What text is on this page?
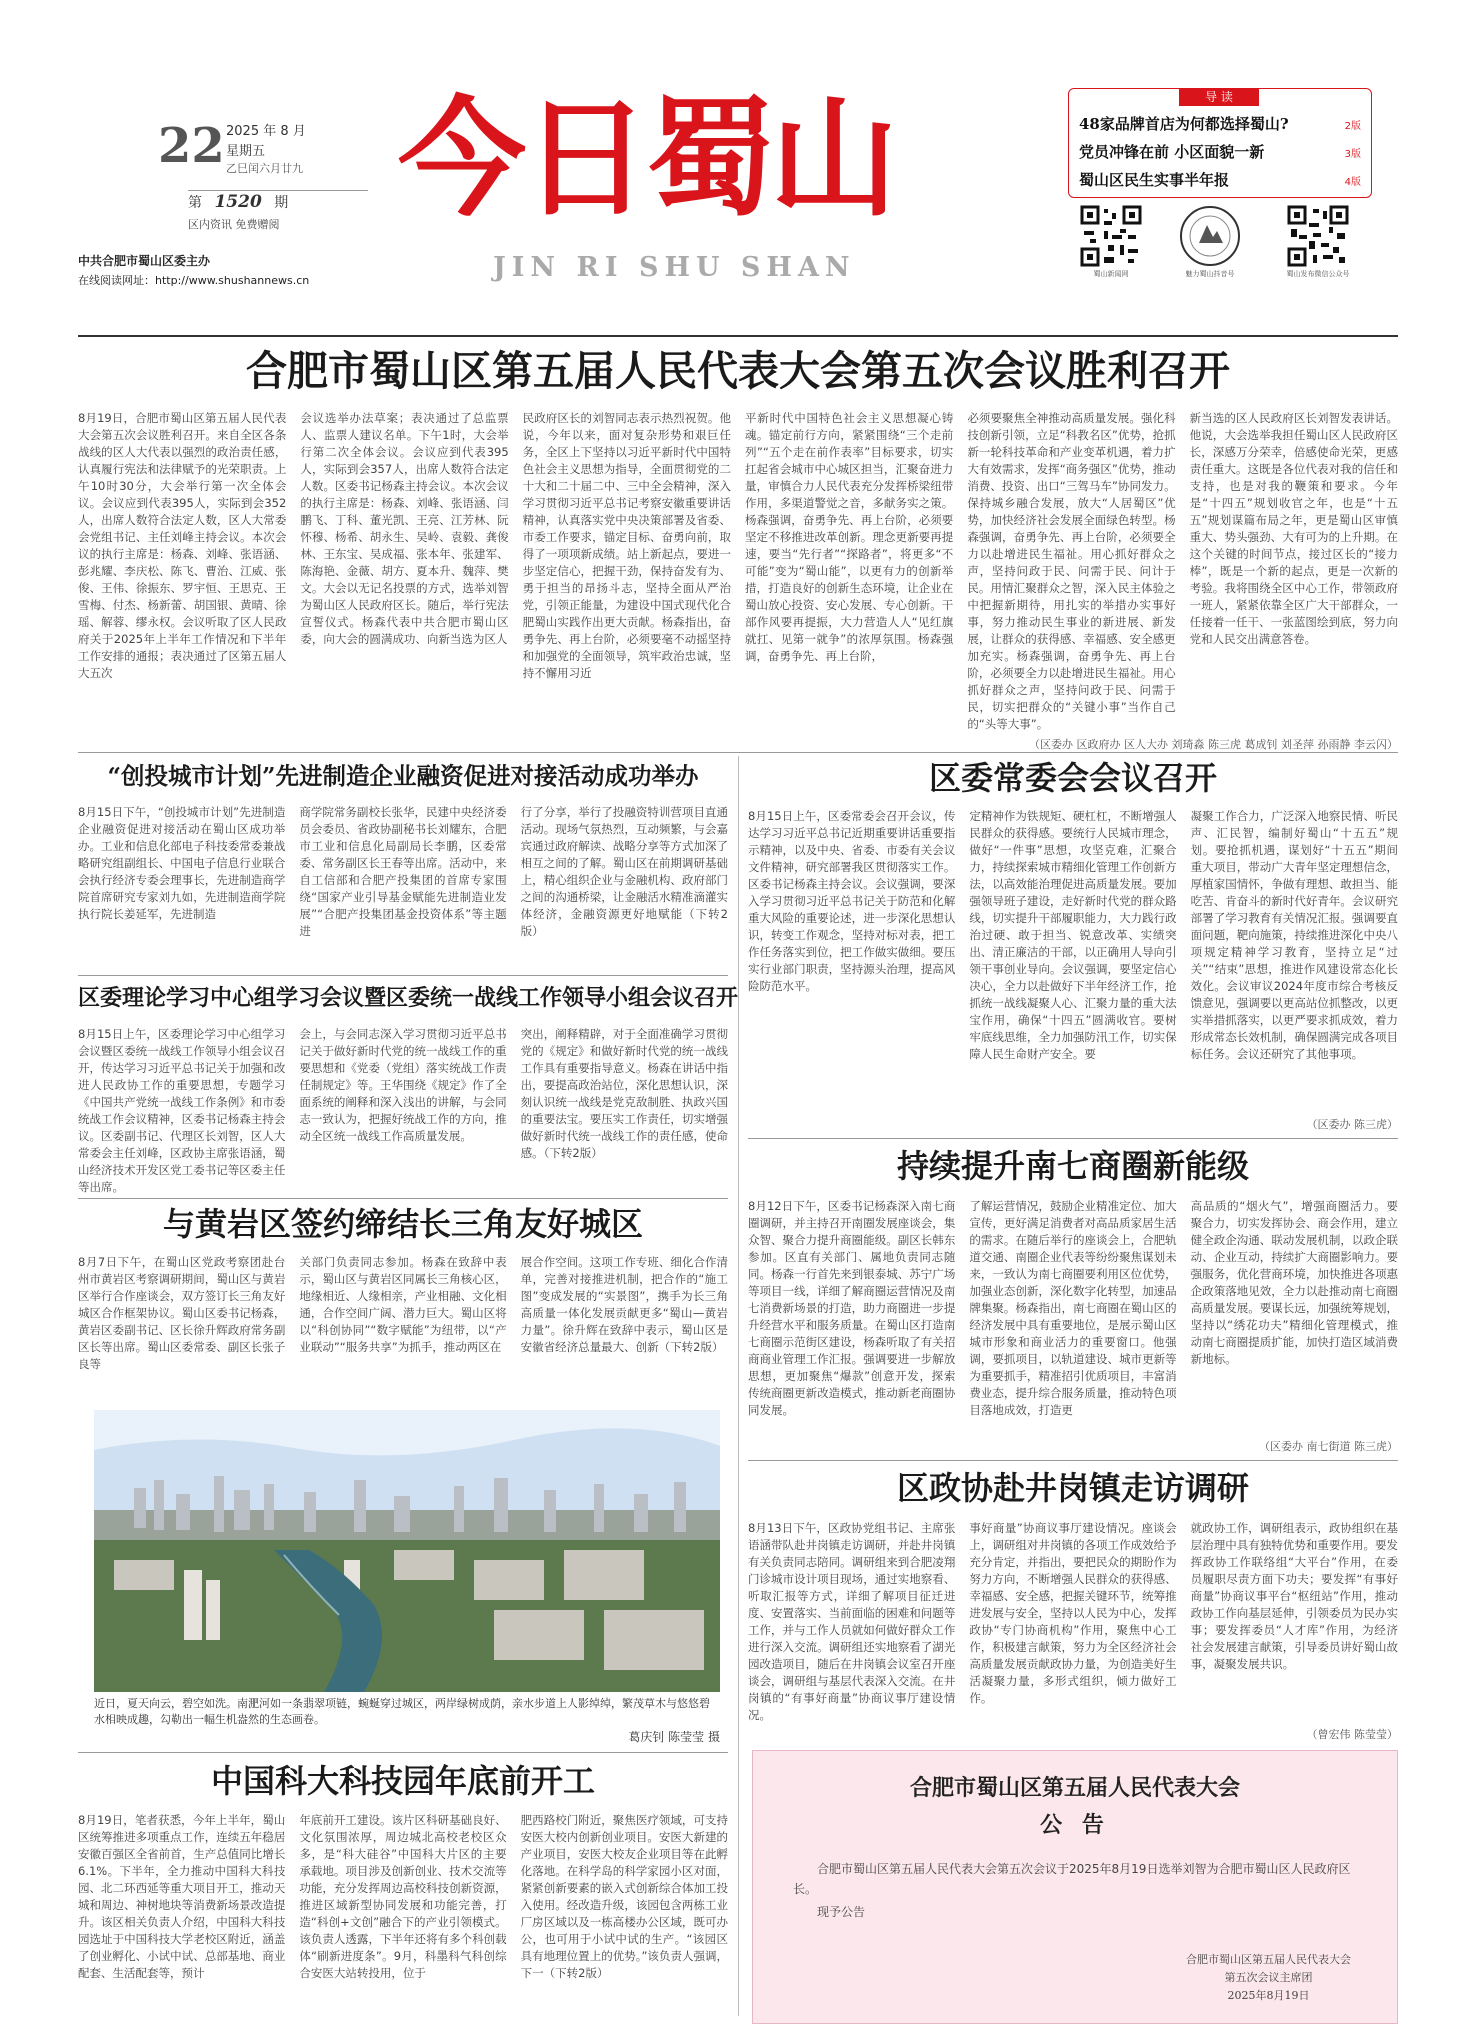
22 2025 年 8 月
星期五
乙巳闰六月廿九
第 1520 期
区内资讯 免费赠阅
中共合肥市蜀山区委主办
在线阅读网址：http://www.shushannews.cn
今日蜀山
JIN RI SHU SHAN
导 读
48家品牌首店为何都选择蜀山?	2版
党员冲锋在前 小区面貌一新	3版
蜀山区民生实事半年报	4版
蜀山新闻网	魅力蜀山抖音号	蜀山发布微信公众号
合肥市蜀山区第五届人民代表大会第五次会议胜利召开
8月19日，合肥市蜀山区第五届人民代表大会第五次会议胜利召开。来自全区各条战线的区人大代表以强烈的政治责任感，认真履行宪法和法律赋予的光荣职责。上午10时30分，大会举行第一次全体会议。会议应到代表395人，实际到会352人，出席人数符合法定人数，区人大常委会党组书记、主任刘峰主持会议。本次会议的执行主席是：杨森、刘峰、张语涵、彭兆耀、李庆松、陈飞、曹治、江威、张俊、王伟、徐振东、罗宇恒、王思克、王雪梅、付杰、杨新蕾、胡国银、黄晴、徐瑶、解蓉、缪永权。会议听取了区人民政府关于2025年上半年工作情况和下半年工作安排的通报；表决通过了区第五届人大五次
会议选举办法草案；表决通过了总监票人、监票人建议名单。下午1时，大会举行第二次全体会议。会议应到代表395人，实际到会357人，出席人数符合法定人数。区委书记杨森主持会议。本次会议的执行主席是：杨森、刘峰、张语涵、闫鹏飞、丁科、董光凯、王亮、江芳林、阮怀穆、杨希、胡永生、吴岭、袁毅、龚俊林、王东宝、吴成福、张本年、张建军、陈海艳、金薇、胡方、夏本升、魏萍、樊文。大会以无记名投票的方式，选举刘智为蜀山区人民政府区长。随后，举行宪法宣誓仪式。杨森代表中共合肥市蜀山区委，向大会的圆满成功、向新当选为区人
民政府区长的刘智同志表示热烈祝贺。他说，今年以来，面对复杂形势和艰巨任务，全区上下坚持以习近平新时代中国特色社会主义思想为指导，全面贯彻党的二十大和二十届二中、三中全会精神，深入学习贯彻习近平总书记考察安徽重要讲话精神，认真落实党中央决策部署及省委、市委工作要求，锚定目标、奋勇向前，取得了一项项新成绩。站上新起点，要进一步坚定信心，把握干劲，保持奋发有为、勇于担当的昂扬斗志，坚持全面从严治党，引领正能量，为建设中国式现代化合肥蜀山实践作出更大贡献。杨森指出，奋勇争先、再上台阶，必须要毫不动摇坚持和加强党的全面领导，筑牢政治忠诚，坚持不懈用习近
平新时代中国特色社会主义思想凝心铸魂。锚定前行方向，紧紧围绕“三个走前列”“五个走在前作表率”目标要求，切实扛起省会城市中心城区担当，汇聚奋进力量，审慎合力人民代表充分发挥桥梁纽带作用，多渠道警觉之音，多献务实之策。杨森强调，奋勇争先、再上台阶，必须要坚定不移推进改革创新。理念更新要再提速，要当“先行者”“探路者”，将更多“不可能”变为“蜀山能”，以更有力的创新举措，打造良好的创新生态环境，让企业在蜀山放心投资、安心发展、专心创新。干部作风要再提振，大力营造人人“见红旗就扛、见第一就争”的浓厚氛围。杨森强调，奋勇争先、再上台阶，
必须要聚焦全神推动高质量发展。强化科技创新引领，立足“科教名区”优势，抢抓新一轮科技革命和产业变革机遇，着力扩大有效需求，发挥“商务强区”优势，推动消费、投资、出口“三驾马车”协同发力。保持城乡融合发展，放大“人居蜀区”优势，加快经济社会发展全面绿色转型。杨森强调，奋勇争先、再上台阶，必须要全力以赴增进民生福祉。用心抓好群众之声，坚持问政于民、问需于民、问计于民。用情汇聚群众之智，深入民主体验之中把握新期待，用扎实的举措办实事好事，努力推动民生事业的新进展、新发展，让群众的获得感、幸福感、安全感更加充实。杨森强调，奋勇争先、再上台阶，必须要全力以赴增进民生福祉。用心抓好群众之声，坚持问政于民、问需于民，切实把群众的“关键小事”当作自己的“头等大事”。
新当选的区人民政府区长刘智发表讲话。他说，大会选举我担任蜀山区人民政府区长，深感万分荣幸，倍感使命光荣，更感责任重大。这既是各位代表对我的信任和支持，也是对我的鞭策和要求。今年是“十四五”规划收官之年，也是“十五五”规划谋篇布局之年，更是蜀山区审慎重大、势头强劲、大有可为的上升期。在这个关键的时间节点，接过区长的“接力棒”，既是一个新的起点，更是一次新的考验。我将围绕全区中心工作，带领政府一班人，紧紧依靠全区广大干部群众，一任接着一任干、一张蓝图绘到底，努力向党和人民交出满意答卷。
（区委办 区政府办 区人大办 刘琦淼 陈三虎 葛成钊 刘圣萍 孙雨静 李云闪）
“创投城市计划”先进制造企业融资促进对接活动成功举办
8月15日下午，“创投城市计划”先进制造企业融资促进对接活动在蜀山区成功举办。工业和信息化部电子科技委常委兼战略研究组副组长、中国电子信息行业联合会执行经济专委会理事长，先进制造商学院首席研究专家刘九如，先进制造商学院执行院长姜延军，先进制造
商学院常务副校长张华，民建中央经济委员会委员、省政协副秘书长刘耀东，合肥市工业和信息化局副局长李鹏，区委常委、常务副区长王春等出席。活动中，来自工信部和合肥产投集团的首席专家围绕“国家产业引导基金赋能先进制造业发展”“合肥产投集团基金投资体系”等主题进
行了分享，举行了投融资特训营项目直通活动。现场气氛热烈，互动频繁，与会嘉宾通过政府解读、战略分享等方式加深了相互之间的了解。蜀山区在前期调研基础上，精心组织企业与金融机构、政府部门之间的沟通桥梁，让金融活水精准滴灌实体经济，金融资源更好地赋能（下转2版）
区委理论学习中心组学习会议暨区委统一战线工作领导小组会议召开
8月15日上午，区委理论学习中心组学习会议暨区委统一战线工作领导小组会议召开，传达学习习近平总书记关于加强和改进人民政协工作的重要思想，专题学习《中国共产党统一战线工作条例》和市委统战工作会议精神，区委书记杨森主持会议。区委副书记、代理区长刘智，区人大常委会主任刘峰，区政协主席张语涵，蜀山经济技术开发区党工委书记等区委主任等出席。
会上，与会同志深入学习贯彻习近平总书记关于做好新时代党的统一战线工作的重要思想和《党委（党组）落实统战工作责任制规定》等。王华围绕《规定》作了全面系统的阐释和深入浅出的讲解，与会同志一致认为，把握好统战工作的方向，推动全区统一战线工作高质量发展。
突出，阐释精辟，对于全面准确学习贯彻党的《规定》和做好新时代党的统一战线工作具有重要指导意义。杨森在讲话中指出，要提高政治站位，深化思想认识，深刻认识统一战线是党克敌制胜、执政兴国的重要法宝。要压实工作责任，切实增强做好新时代统一战线工作的责任感，使命感。（下转2版）
与黄岩区签约缔结长三角友好城区
8月7日下午，在蜀山区党政考察团赴台州市黄岩区考察调研期间，蜀山区与黄岩区举行合作座谈会，双方签订长三角友好城区合作框架协议。蜀山区委书记杨森，黄岩区委副书记、区长徐升辉政府常务副区长等出席。蜀山区委常委、副区长张子良等
关部门负责同志参加。杨森在致辞中表示，蜀山区与黄岩区同属长三角核心区，地缘相近、人缘相亲，产业相融、文化相通，合作空间广阔、潜力巨大。蜀山区将以“科创协同”“数字赋能”为纽带，以“产业联动”“服务共享”为抓手，推动两区在
展合作空间。这项工作专班、细化合作清单，完善对接推进机制，把合作的“施工图”变成发展的“实景图”，携手为长三角高质量一体化发展贡献更多“蜀山—黄岩力量”。徐升辉在致辞中表示，蜀山区是安徽省经济总量最大、创新（下转2版）
近日，夏天向云，碧空如洗。南淝河如一条翡翠项链，蜿蜒穿过城区，两岸绿树成荫，亲水步道上人影绰绰，繁茂草木与悠悠碧水相映成趣，勾勒出一幅生机盎然的生态画卷。
葛庆钊 陈莹莹 摄
中国科大科技园年底前开工
8月19日，笔者获悉，今年上半年，蜀山区统筹推进多项重点工作，连续五年稳居安徽百强区全省前首，生产总值同比增长6.1%。下半年，全力推动中国科大科技园、北二环西延等重大项目开工，推动天城和周边、神树地块等消费新场景改造提升。该区相关负责人介绍，中国科大科技园选址于中国科技大学老校区附近，涵盖了创业孵化、小试中试、总部基地、商业配套、生活配套等，预计
年底前开工建设。该片区科研基础良好、文化氛围浓厚，周边城北高校老校区众多，是“科大硅谷”中国科大片区的主要承载地。项目涉及创新创业、技术交流等功能，充分发挥周边高校科技创新资源，推进区域新型协同发展和功能完善，打造“科创+文创”融合下的产业引领模式。该负责人透露，下半年还将有多个科创载体“刷新进度条”。9月，科墨科气科创综合安医大站转投用，位于
肥西路校门附近，聚焦医疗领域，可支持安医大校内创新创业项目。安医大新建的产业项目，安医大校友企业项目等在此孵化落地。在科学岛的科学家园小区对面，紧紧创新要素的嵌入式创新综合体加工投入使用。经改造升级，该园包含两栋工业厂房区域以及一栋高楼办公区域，既可办公，也可用于小试中试的生产。“该园区具有地理位置上的优势。”该负责人强调，下一（下转2版）
区委常委会会议召开
8月15日上午，区委常委会召开会议，传达学习习近平总书记近期重要讲话重要指示精神，以及中央、省委、市委有关会议文件精神，研究部署我区贯彻落实工作。区委书记杨森主持会议。会议强调，要深入学习贯彻习近平总书记关于防范和化解重大风险的重要论述，进一步深化思想认识，转变工作观念，坚持对标对表，把工作任务落实到位，把工作做实做细。要压实行业部门职责，坚持源头治理，提高风险防范水平。
定精神作为铁规矩、硬杠杠，不断增强人民群众的获得感。要统行人民城市理念，做好“一件事”思想，攻坚克难，汇聚合力，持续探索城市精细化管理工作创新方法，以高效能治理促进高质量发展。要加强领导班子建设，走好新时代党的群众路线，切实提升干部履职能力，大力践行政治过硬、敢于担当、锐意改革、实绩突出、清正廉洁的干部，以正确用人导向引领干事创业导向。会议强调，要坚定信心决心，全力以赴做好下半年经济工作，抢抓统一战线凝聚人心、汇聚力量的重大法宝作用，确保“十四五”圆满收官。要树牢底线思维，全力加强防汛工作，切实保障人民生命财产安全。要
凝聚工作合力，广泛深入地察民情、听民声、汇民智，编制好蜀山“十五五”规划。要抢抓机遇，谋划好“十五五”期间重大项目，带动广大青年坚定理想信念，厚植家国情怀，争做有理想、敢担当、能吃苦、肯奋斗的新时代好青年。会议研究部署了学习教育有关情况汇报。强调要直面问题，靶向施策，持续推进深化中央八项规定精神学习教育，坚持立足“过关”“结束”思想，推进作风建设常态化长效化。会议审议2024年度市综合考核反馈意见，强调要以更高站位抓整改，以更实举措抓落实，以更严要求抓成效，着力形成常态长效机制，确保圆满完成各项目标任务。会议还研究了其他事项。
（区委办 陈三虎）
持续提升南七商圈新能级
8月12日下午，区委书记杨森深入南七商圈调研，并主持召开南圈发展座谈会，集众智、聚合力提升商圈能级。副区长韩东参加。区直有关部门、属地负责同志随同。杨森一行首先来到银泰城、苏宁广场等项目一线，详细了解商圈运营情况及南七消费新场景的打造，助力商圈进一步提升经营水平和服务质量。在蜀山区打造南七商圈示范街区建设，杨森听取了有关招商商业管理工作汇报。强调要进一步解放思想，更加聚焦“爆款”创意开发，探索传统商圈更新改造模式，推动新老商圈协同发展。
了解运营情况，鼓励企业精准定位、加大宣传，更好满足消费者对高品质家居生活的需求。在随后举行的座谈会上，合肥轨道交通、南圈企业代表等纷纷聚焦谋划未来，一致认为南七商圈要利用区位优势，加强业态创新，深化数字化转型，加速品牌集聚。杨森指出，南七商圈在蜀山区的经济发展中具有重要地位，是展示蜀山区城市形象和商业活力的重要窗口。他强调，要抓项目，以轨道建设、城市更新等为重要抓手，精准招引优质项目，丰富消费业态，提升综合服务质量，推动特色项目落地成效，打造更
高品质的“烟火气”，增强商圈活力。要聚合力，切实发挥协会、商会作用，建立健全政企沟通、联动发展机制，以政企联动、企业互动，持续扩大商圈影响力。要强服务，优化营商环境，加快推进各项惠企政策落地见效，全力以赴推动南七商圈高质量发展。要谋长远，加强统筹规划，坚持以“绣花功夫”精细化管理模式，推动南七商圈提质扩能，加快打造区域消费新地标。
（区委办 南七街道 陈三虎）
区政协赴井岗镇走访调研
8月13日下午，区政协党组书记、主席张语涵带队赴井岗镇走访调研，并赴井岗镇有关负责同志陪同。调研组来到合肥凌翔门诊城市设计项目现场，通过实地察看、听取汇报等方式，详细了解项目征迁进度、安置落实、当前面临的困难和问题等工作，并与工作人员就如何做好群众工作进行深入交流。调研组还实地察看了湖光园改造项目，随后在井岗镇会议室召开座谈会，调研组与基层代表深入交流。在井岗镇的“有事好商量”协商议事厅建设情况。
事好商量”协商议事厅建设情况。座谈会上，调研组对井岗镇的各项工作成效给予充分肯定，并指出，要把民众的期盼作为努力方向，不断增强人民群众的获得感、幸福感、安全感，把握关键环节，统筹推进发展与安全，坚持以人民为中心，发挥政协“专门协商机构”作用，聚焦中心工作，积极建言献策，努力为全区经济社会高质量发展贡献政协力量，为创造美好生活凝聚力量，多形式组织，倾力做好工作。
就政协工作，调研组表示，政协组织在基层治理中具有独特优势和重要作用。要发挥政协工作联络组“大平台”作用，在委员履职尽责方面下功夫；要发挥“有事好商量”协商议事平台“枢纽站”作用，推动政协工作向基层延伸，引领委员为民办实事；要发挥委员“人才库”作用，为经济社会发展建言献策，引导委员讲好蜀山故事，凝聚发展共识。
（曾宏伟 陈莹莹）
合肥市蜀山区第五届人民代表大会
公 告
合肥市蜀山区第五届人民代表大会第五次会议于2025年8月19日选举刘智为合肥市蜀山区人民政府区长。
现予公告
合肥市蜀山区第五届人民代表大会
第五次会议主席团
2025年8月19日
